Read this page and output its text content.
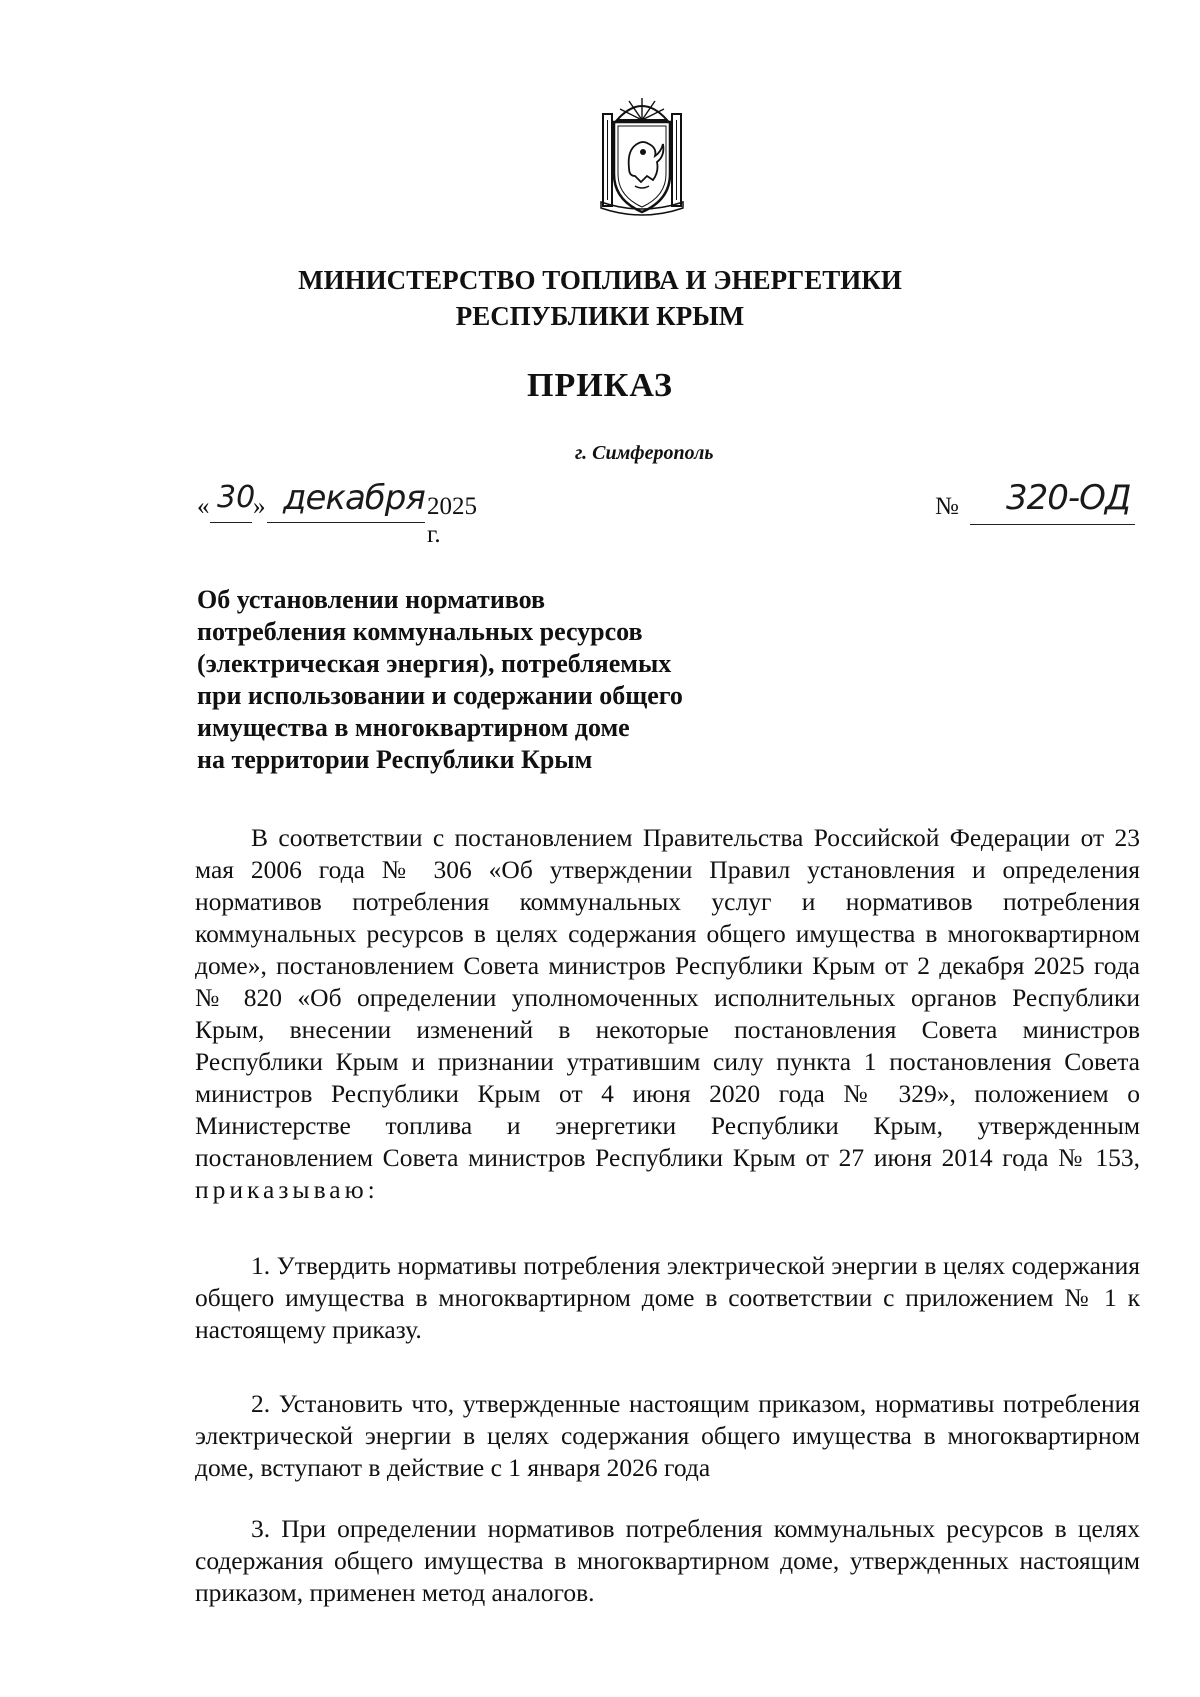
МИНИСТЕРСТВО ТОПЛИВА И ЭНЕРГЕТИКИ
РЕСПУБЛИКИ КРЫМ
ПРИКАЗ
г. Симферополь
« »	2025 г.
30 декабря	№ 320-ОД
Об установлении нормативов
потребления коммунальных ресурсов
(электрическая энергия), потребляемых
при использовании и содержании общего
имущества в многоквартирном доме
на территории Республики Крым
В соответствии с постановлением Правительства Российской Федерации от 23 мая 2006 года № 306 «Об утверждении Правил установления и определения нормативов потребления коммунальных услуг и нормативов потребления коммунальных ресурсов в целях содержания общего имущества в многоквартирном доме», постановлением Совета министров Республики Крым от 2 декабря 2025 года № 820 «Об определении уполномоченных исполнительных органов Республики Крым, внесении изменений в некоторые постановления Совета министров Республики Крым и признании утратившим силу пункта 1 постановления Совета министров Республики Крым от 4 июня 2020 года № 329», положением о Министерстве топлива и энергетики Республики Крым, утвержденным постановлением Совета министров Республики Крым от 27 июня 2014 года № 153, приказываю:
1. Утвердить нормативы потребления электрической энергии в целях содержания общего имущества в многоквартирном доме в соответствии с приложением № 1 к настоящему приказу.
2. Установить что, утвержденные настоящим приказом, нормативы потребления электрической энергии в целях содержания общего имущества в многоквартирном доме, вступают в действие с 1 января 2026 года
3. При определении нормативов потребления коммунальных ресурсов в целях содержания общего имущества в многоквартирном доме, утвержденных настоящим приказом, применен метод аналогов.
